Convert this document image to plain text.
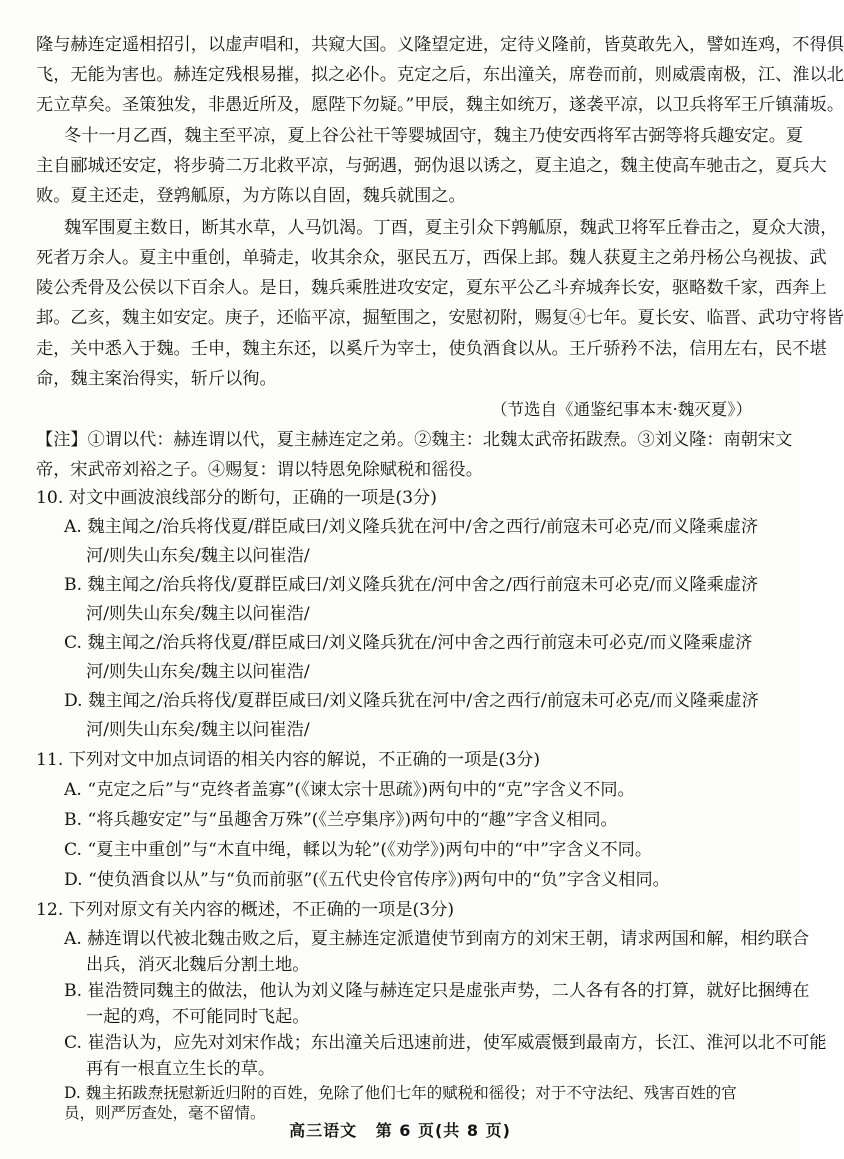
隆与赫连定遥相招引，以虚声唱和，共窥大国。义隆望定进，定待义隆前，皆莫敢先入，譬如连鸡，不得俱
飞，无能为害也。赫连定残根易摧，拟之必仆。克定之后，东出潼关，席卷而前，则威震南极，江、淮以北
无立草矣。圣策独发，非愚近所及，愿陛下勿疑。”甲辰，魏主如统万，遂袭平凉，以卫兵将军王斤镇蒲坂。
冬十一月乙酉，魏主至平凉，夏上谷公社干等婴城固守，魏主乃使安西将军古弼等将兵趣安定。夏
主自郦城还安定，将步骑二万北救平凉，与弼遇，弼伪退以诱之，夏主追之，魏主使高车驰击之，夏兵大
败。夏主还走，登鹑觚原，为方陈以自固，魏兵就围之。
魏军围夏主数日，断其水草，人马饥渴。丁酉，夏主引众下鹑觚原，魏武卫将军丘眷击之，夏众大溃，
死者万余人。夏主中重创，单骑走，收其余众，驱民五万，西保上邽。魏人获夏主之弟丹杨公乌视拔、武
陵公秃骨及公侯以下百余人。是日，魏兵乘胜进攻安定，夏东平公乙斗弃城奔长安，驱略数千家，西奔上
邽。乙亥，魏主如安定。庚子，还临平凉，掘堑围之，安慰初附，赐复④七年。夏长安、临晋、武功守将皆
走，关中悉入于魏。壬申，魏主东还，以奚斤为宰士，使负酒食以从。王斤骄矜不法，信用左右，民不堪
命，魏主案治得实，斩斤以徇。
（节选自《通鉴纪事本末·魏灭夏》）
【注】①谓以代：赫连谓以代，夏主赫连定之弟。②魏主：北魏太武帝拓跋焘。③刘义隆：南朝宋文
帝，宋武帝刘裕之子。④赐复：谓以特恩免除赋税和徭役。
10. 对文中画波浪线部分的断句，正确的一项是(3分)
A. 魏主闻之/治兵将伐夏/群臣咸曰/刘义隆兵犹在河中/舍之西行/前寇未可必克/而义隆乘虚济
河/则失山东矣/魏主以问崔浩/
B. 魏主闻之/治兵将伐/夏群臣咸曰/刘义隆兵犹在/河中舍之/西行前寇未可必克/而义隆乘虚济
河/则失山东矣/魏主以问崔浩/
C. 魏主闻之/治兵将伐夏/群臣咸曰/刘义隆兵犹在/河中舍之西行前寇未可必克/而义隆乘虚济
河/则失山东矣/魏主以问崔浩/
D. 魏主闻之/治兵将伐/夏群臣咸曰/刘义隆兵犹在河中/舍之西行/前寇未可必克/而义隆乘虚济
河/则失山东矣/魏主以问崔浩/
11. 下列对文中加点词语的相关内容的解说，不正确的一项是(3分)
A. “克定之后”与“克终者盖寡”(《谏太宗十思疏》)两句中的“克”字含义不同。
B. “将兵趣安定”与“虽趣舍万殊”(《兰亭集序》)两句中的“趣”字含义相同。
C. “夏主中重创”与“木直中绳，輮以为轮”(《劝学》)两句中的“中”字含义不同。
D. “使负酒食以从”与“负而前驱”(《五代史伶官传序》)两句中的“负”字含义相同。
12. 下列对原文有关内容的概述，不正确的一项是(3分)
A. 赫连谓以代被北魏击败之后，夏主赫连定派遣使节到南方的刘宋王朝，请求两国和解，相约联合
出兵，消灭北魏后分割土地。
B. 崔浩赞同魏主的做法，他认为刘义隆与赫连定只是虚张声势，二人各有各的打算，就好比捆缚在
一起的鸡，不可能同时飞起。
C. 崔浩认为，应先对刘宋作战；东出潼关后迅速前进，使军威震慑到最南方，长江、淮河以北不可能
再有一根直立生长的草。
D. 魏主拓跋焘抚慰新近归附的百姓，免除了他们七年的赋税和徭役；对于不守法纪、残害百姓的官员，则严厉查处，毫不留情。
高三语文 第 6 页(共 8 页)
